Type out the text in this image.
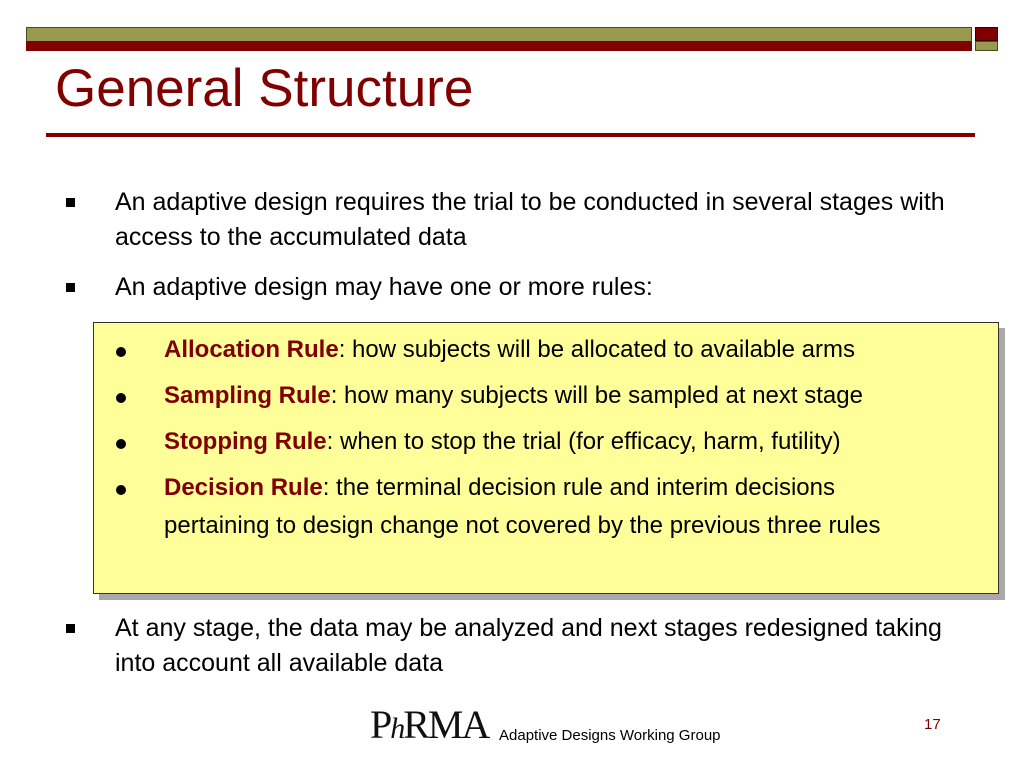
General Structure
An adaptive design requires the trial to be conducted in several stages with access to the accumulated data
An adaptive design may have one or more rules:
Allocation Rule: how subjects will be allocated to available arms
Sampling Rule: how many subjects will be sampled at next stage
Stopping Rule: when to stop the trial (for efficacy, harm, futility)
Decision Rule: the terminal decision rule and interim decisions pertaining to design change not covered by the previous three rules
At any stage, the data may be analyzed and next stages redesigned taking into account all available data
PhRMA Adaptive Designs Working Group
17
